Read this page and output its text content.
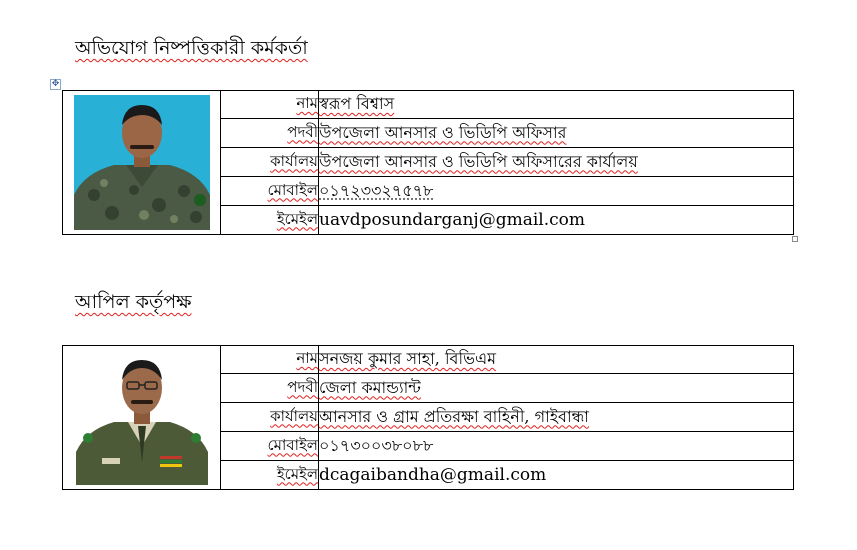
অভিযোগ নিষ্পত্তিকারী কর্মকর্তা
✥
	নাম	স্বরূপ বিশ্বাস
	পদবী	উপজেলা আনসার ও ভিডিপি অফিসার
	কার্যালয়	উপজেলা আনসার ও ভিডিপি অফিসারের কার্যালয়
	মোবাইল	০১৭২৩৩২৭৫৭৮
	ইমেইল	uavdposundarganj@gmail.com
আপিল কর্তৃপক্ষ
	নাম	সনজয় কুমার সাহা, বিভিএম
	পদবী	জেলা কমান্ড্যান্ট
	কার্যালয়	আনসার ও গ্রাম প্রতিরক্ষা বাহিনী, গাইবান্ধা
	মোবাইল	০১৭৩০০৩৮০৮৮
	ইমেইল	dcagaibandha@gmail.com
